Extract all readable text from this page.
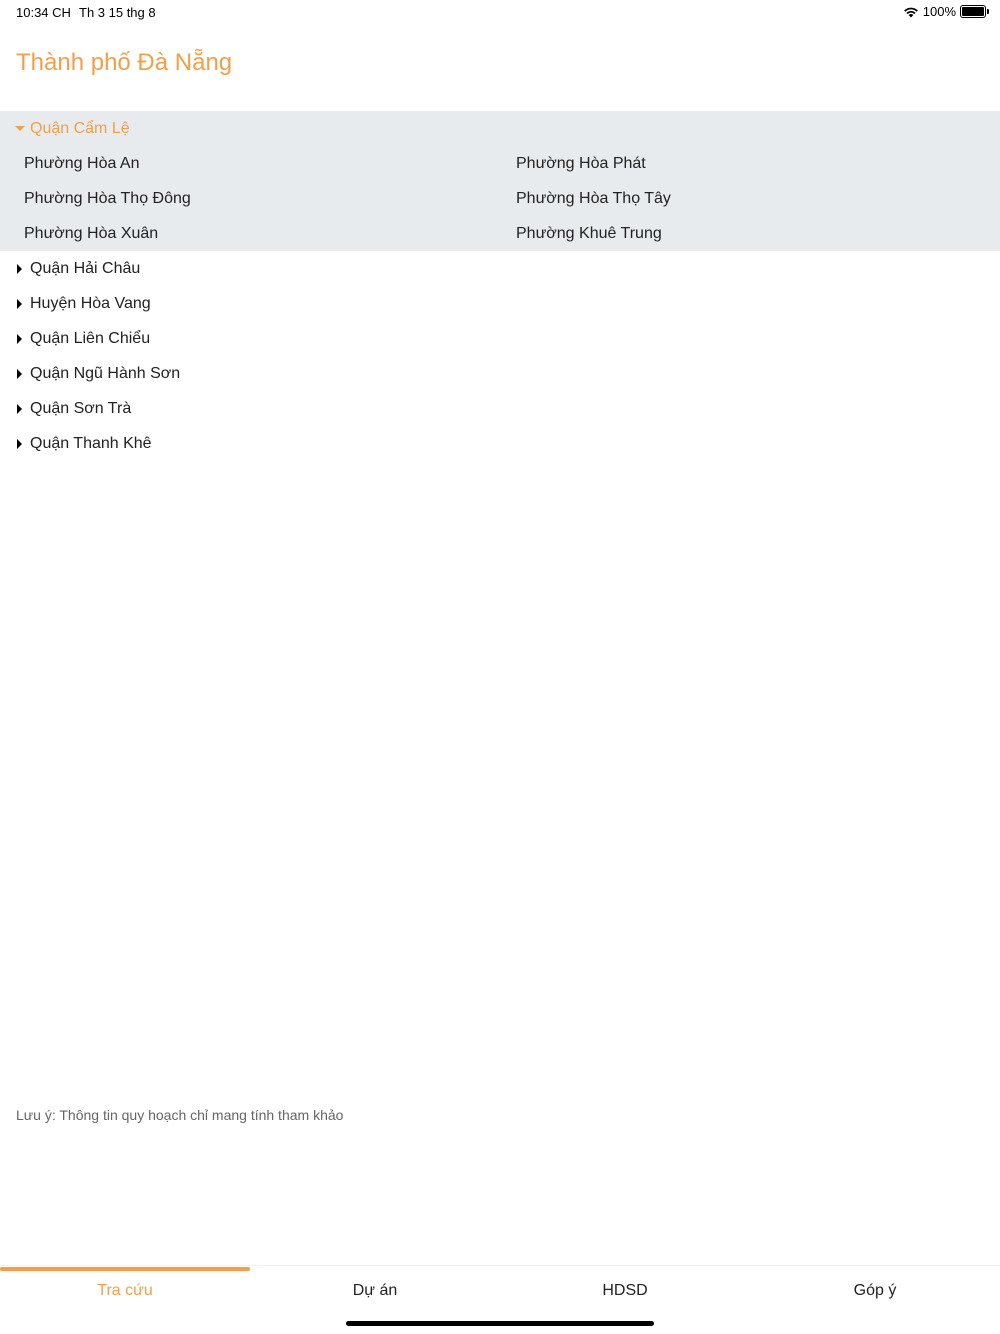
10:34 CH Th 3 15 thg 8	100%
Thành phố Đà Nẵng
Quận Cẩm Lệ
Phường Hòa An	Phường Hòa Phát
Phường Hòa Thọ Đông	Phường Hòa Thọ Tây
Phường Hòa Xuân	Phường Khuê Trung
Quận Hải Châu
Huyện Hòa Vang
Quận Liên Chiểu
Quận Ngũ Hành Sơn
Quận Sơn Trà
Quận Thanh Khê
Lưu ý: Thông tin quy hoạch chỉ mang tính tham khảo
Tra cứu	Dự án	HDSD	Góp ý
